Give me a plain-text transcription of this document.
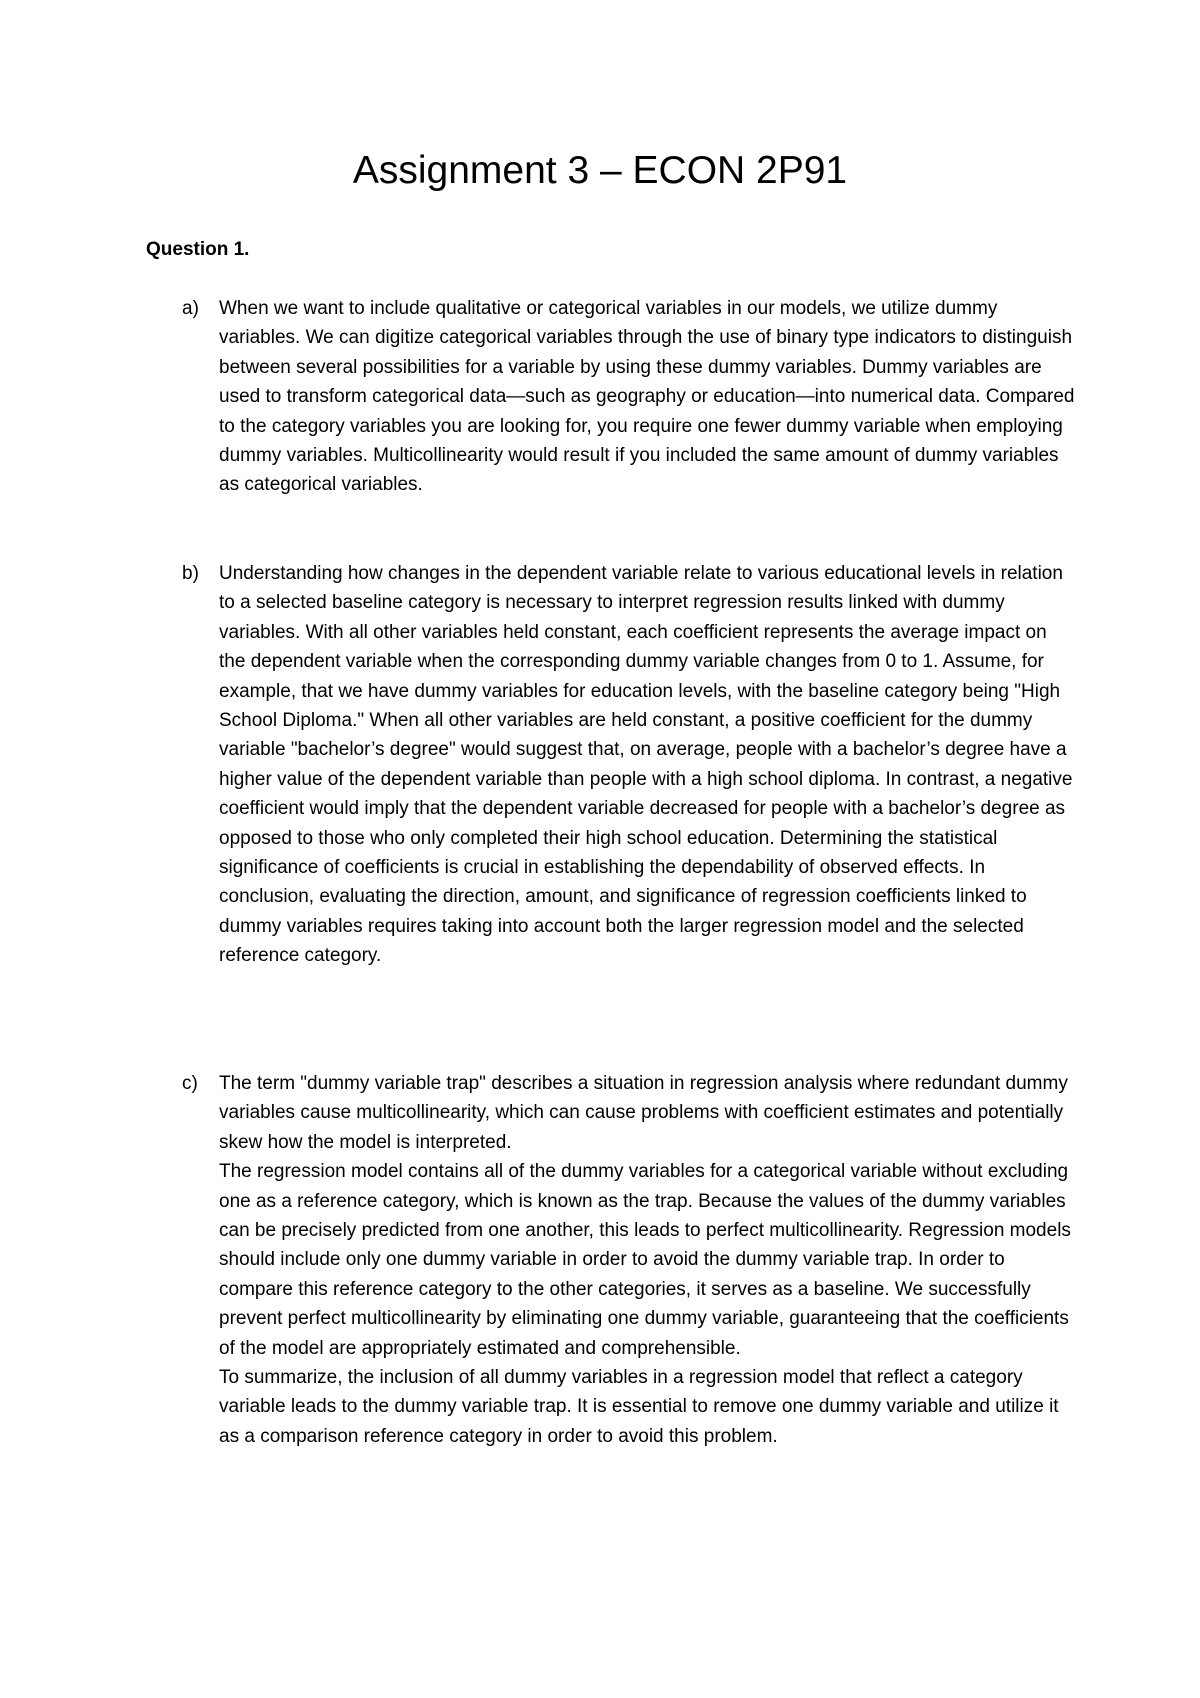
Assignment 3 – ECON 2P91
Question 1.
a)	When we want to include qualitative or categorical variables in our models, we utilize dummy variables. We can digitize categorical variables through the use of binary type indicators to distinguish between several possibilities for a variable by using these dummy variables. Dummy variables are used to transform categorical data—such as geography or education—into numerical data. Compared to the category variables you are looking for, you require one fewer dummy variable when employing dummy variables. Multicollinearity would result if you included the same amount of dummy variables as categorical variables.

b)	Understanding how changes in the dependent variable relate to various educational levels in relation to a selected baseline category is necessary to interpret regression results linked with dummy variables. With all other variables held constant, each coefficient represents the average impact on the dependent variable when the corresponding dummy variable changes from 0 to 1. Assume, for example, that we have dummy variables for education levels, with the baseline category being "High School Diploma." When all other variables are held constant, a positive coefficient for the dummy variable "bachelor’s degree" would suggest that, on average, people with a bachelor’s degree have a higher value of the dependent variable than people with a high school diploma. In contrast, a negative coefficient would imply that the dependent variable decreased for people with a bachelor’s degree as opposed to those who only completed their high school education. Determining the statistical significance of coefficients is crucial in establishing the dependability of observed effects. In conclusion, evaluating the direction, amount, and significance of regression coefficients linked to dummy variables requires taking into account both the larger regression model and the selected reference category.

c)	The term "dummy variable trap" describes a situation in regression analysis where redundant dummy variables cause multicollinearity, which can cause problems with coefficient estimates and potentially skew how the model is interpreted.

The regression model contains all of the dummy variables for a categorical variable without excluding one as a reference category, which is known as the trap. Because the values of the dummy variables can be precisely predicted from one another, this leads to perfect multicollinearity. Regression models should include only one dummy variable in order to avoid the dummy variable trap. In order to compare this reference category to the other categories, it serves as a baseline. We successfully prevent perfect multicollinearity by eliminating one dummy variable, guaranteeing that the coefficients of the model are appropriately estimated and comprehensible.

To summarize, the inclusion of all dummy variables in a regression model that reflect a category variable leads to the dummy variable trap. It is essential to remove one dummy variable and utilize it as a comparison reference category in order to avoid this problem.
